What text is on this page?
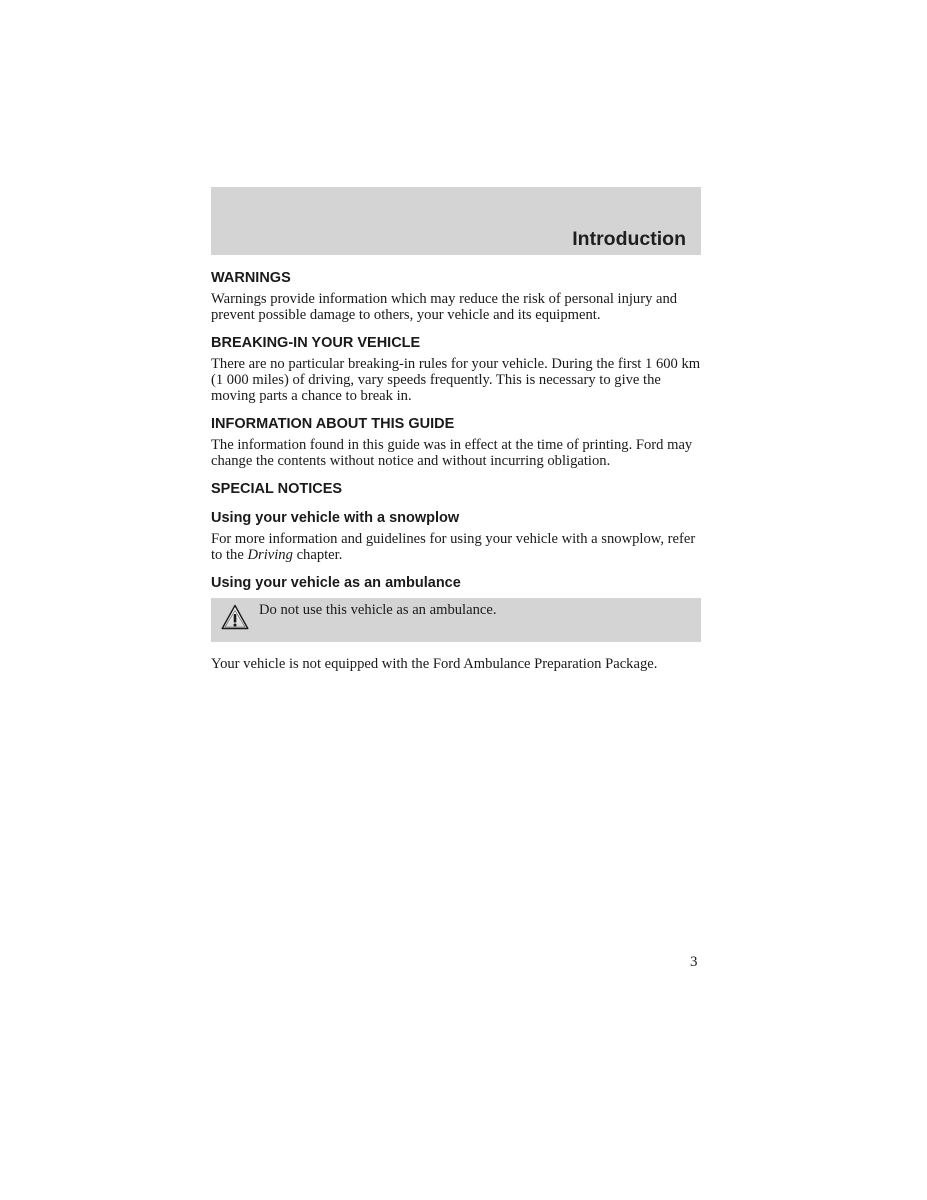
Introduction
WARNINGS

Warnings provide information which may reduce the risk of personal injury and prevent possible damage to others, your vehicle and its equipment.

BREAKING-IN YOUR VEHICLE

There are no particular breaking-in rules for your vehicle. During the first 1 600 km (1 000 miles) of driving, vary speeds frequently. This is necessary to give the moving parts a chance to break in.

INFORMATION ABOUT THIS GUIDE

The information found in this guide was in effect at the time of printing. Ford may change the contents without notice and without incurring obligation.

SPECIAL NOTICES
Using your vehicle with a snowplow

For more information and guidelines for using your vehicle with a snowplow, refer to the Driving chapter.

Using your vehicle as an ambulance
Do not use this vehicle as an ambulance.

Your vehicle is not equipped with the Ford Ambulance Preparation Package.

3
